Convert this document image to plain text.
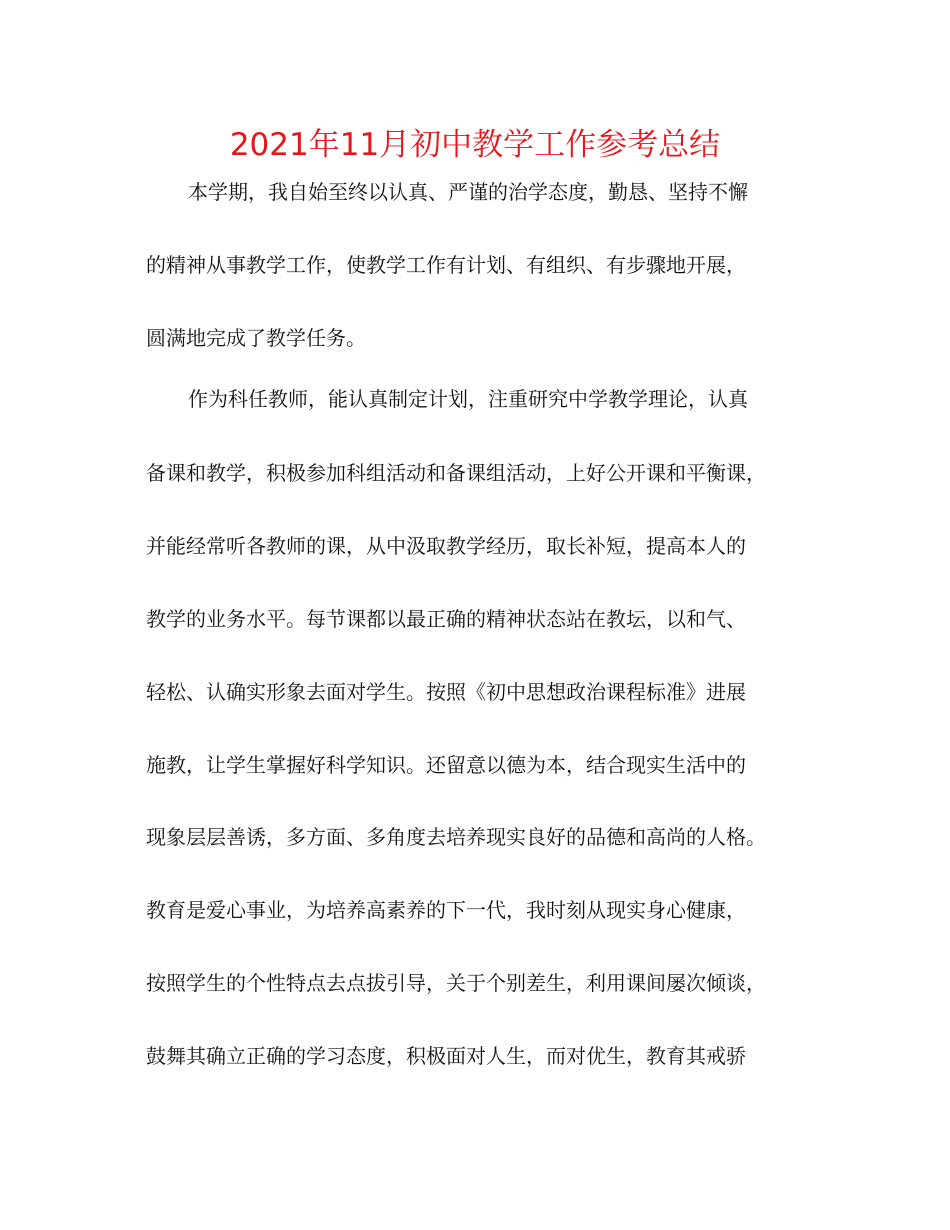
2021年11月初中教学工作参考总结
本学期，我自始至终以认真、严谨的治学态度，勤恳、坚持不懈
的精神从事教学工作，使教学工作有计划、有组织、有步骤地开展，
圆满地完成了教学任务。
作为科任教师，能认真制定计划，注重研究中学教学理论，认真
备课和教学，积极参加科组活动和备课组活动，上好公开课和平衡课，
并能经常听各教师的课，从中汲取教学经历，取长补短，提高本人的
教学的业务水平。每节课都以最正确的精神状态站在教坛，以和气、
轻松、认确实形象去面对学生。按照《初中思想政治课程标准》进展
施教，让学生掌握好科学知识。还留意以德为本，结合现实生活中的
现象层层善诱，多方面、多角度去培养现实良好的品德和高尚的人格。
教育是爱心事业，为培养高素养的下一代，我时刻从现实身心健康，
按照学生的个性特点去点拔引导，关于个别差生，利用课间屡次倾谈，
鼓舞其确立正确的学习态度，积极面对人生，而对优生，教育其戒骄
